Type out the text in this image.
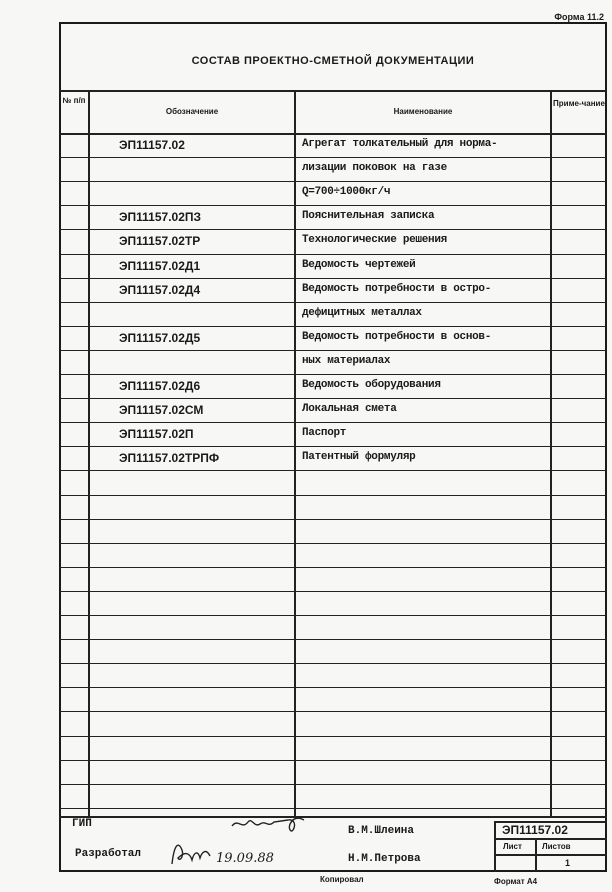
Форма 11.2
СОСТАВ ПРОЕКТНО-СМЕТНОЙ ДОКУМЕНТАЦИИ
№ п/п
Обозначение	Наименование
Приме-чание
ЭП11157.02	Агрегат толкательный для норма-
лизации поковок на газе
Q=700÷1000кг/ч
ЭП11157.02ПЗ	Пояснительная записка
ЭП11157.02ТР	Технологические решения
ЭП11157.02Д1	Ведомость чертежей
ЭП11157.02Д4	Ведомость потребности в остро-
дефицитных металлах
ЭП11157.02Д5	Ведомость потребности в основ-
ных материалах
ЭП11157.02Д6	Ведомость оборудования
ЭП11157.02СМ	Локальная смета
ЭП11157.02П	Паспорт
ЭП11157.02ТРПФ	Патентный формуляр
ГИП
Разработал	19.09.88
В.М.Шлеина
Н.М.Петрова
ЭП11157.02
Лист	Листов
1
Копировал	Формат А4
